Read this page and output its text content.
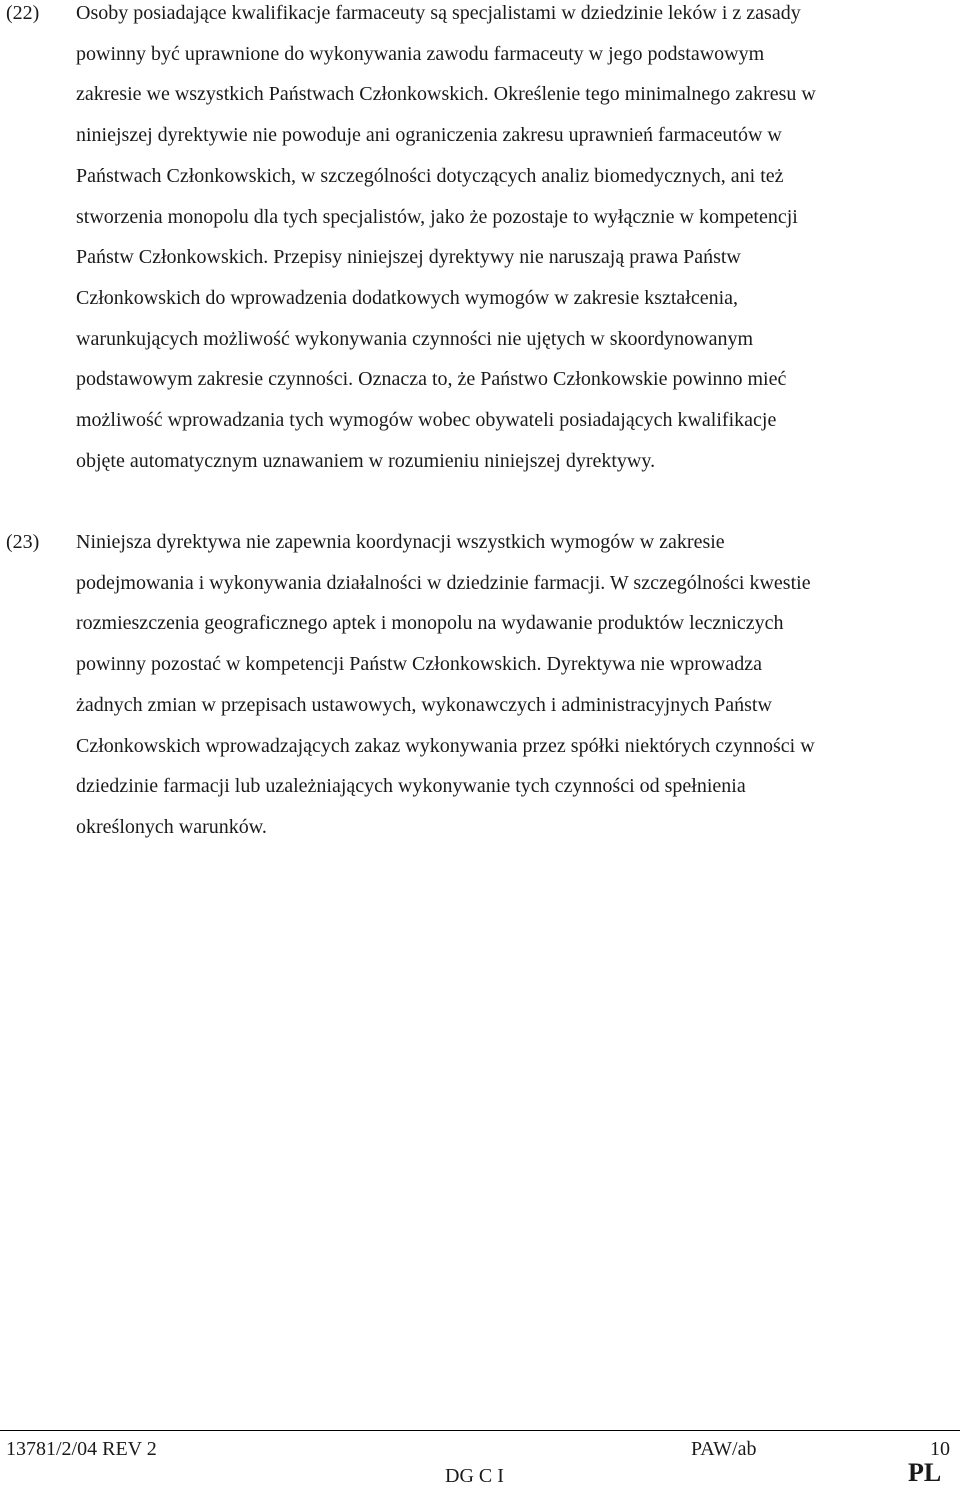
(22) Osoby posiadające kwalifikacje farmaceuty są specjalistami w dziedzinie leków i z zasady
powinny być uprawnione do wykonywania zawodu farmaceuty w jego podstawowym
zakresie we wszystkich Państwach Członkowskich. Określenie tego minimalnego zakresu w
niniejszej dyrektywie nie powoduje ani ograniczenia zakresu uprawnień farmaceutów w
Państwach Członkowskich, w szczególności dotyczących analiz biomedycznych, ani też
stworzenia monopolu dla tych specjalistów, jako że pozostaje to wyłącznie w kompetencji
Państw Członkowskich. Przepisy niniejszej dyrektywy nie naruszają prawa Państw
Członkowskich do wprowadzenia dodatkowych wymogów w zakresie kształcenia,
warunkujących możliwość wykonywania czynności nie ujętych w skoordynowanym
podstawowym zakresie czynności. Oznacza to, że Państwo Członkowskie powinno mieć
możliwość wprowadzania tych wymogów wobec obywateli posiadających kwalifikacje
objęte automatycznym uznawaniem w rozumieniu niniejszej dyrektywy.
(23) Niniejsza dyrektywa nie zapewnia koordynacji wszystkich wymogów w zakresie
podejmowania i wykonywania działalności w dziedzinie farmacji. W szczególności kwestie
rozmieszczenia geograficznego aptek i monopolu na wydawanie produktów leczniczych
powinny pozostać w kompetencji Państw Członkowskich. Dyrektywa nie wprowadza
żadnych zmian w przepisach ustawowych, wykonawczych i administracyjnych Państw
Członkowskich wprowadzających zakaz wykonywania przez spółki niektórych czynności w
dziedzinie farmacji lub uzależniających wykonywanie tych czynności od spełnienia
określonych warunków.
13781/2/04 REV 2	PAW/ab	10
DG C I	PL
